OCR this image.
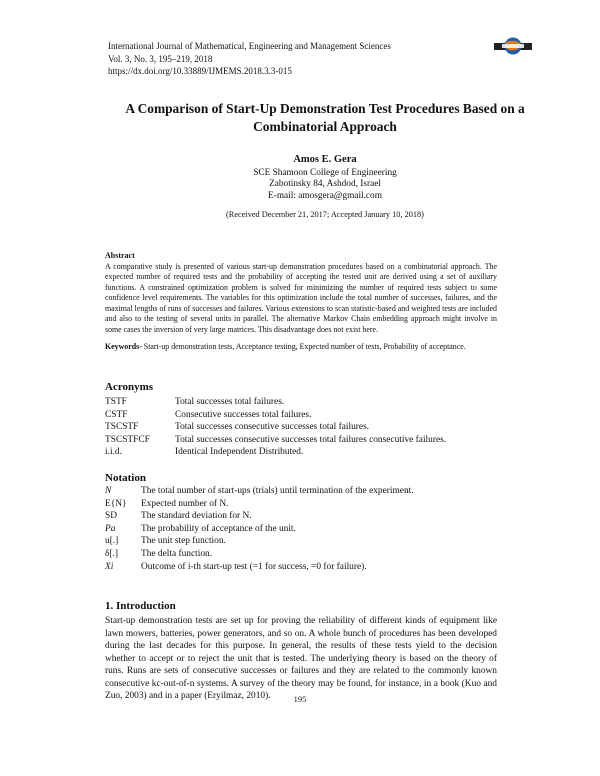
International Journal of Mathematical, Engineering and Management Sciences
Vol. 3, No. 3, 195–219, 2018
https://dx.doi.org/10.33889/IJMEMS.2018.3.3-015
A Comparison of Start-Up Demonstration Test Procedures Based on a Combinatorial Approach
Amos E. Gera
SCE Shamoon College of Engineering
Zabotinsky 84, Ashdod, Israel
E-mail: amosgera@gmail.com
(Received December 21, 2017; Accepted January 10, 2018)
Abstract

A comparative study is presented of various start-up demonstration procedures based on a combinatorial approach. The expected number of required tests and the probability of accepting the tested unit are derived using a set of auxiliary functions. A constrained optimization problem is solved for minimizing the number of required tests subject to some confidence level requirements. The variables for this optimization include the total number of successes, failures, and the maximal lengths of runs of successes and failures. Various extensions to scan statistic-based and weighted tests are included and also to the testing of several units in parallel. The alternative Markov Chain embedding approach might involve in some cases the inversion of very large matrices. This disadvantage does not exist here.

Keywords- Start-up demonstration tests, Acceptance testing, Expected number of tests, Probability of acceptance.
Acronyms
TSTF	Total successes total failures.
CSTF	Consecutive successes total failures.
TSCSTF	Total successes consecutive successes total failures.
TSCSTFCF	Total successes consecutive successes total failures consecutive failures.
i.i.d.	Identical Independent Distributed.
Notation
N	The total number of start-ups (trials) until termination of the experiment.
E{N}	Expected number of N.
SD	The standard deviation for N.
Pa	The probability of acceptance of the unit.
u[.]	The unit step function.
δ[.]	The delta function.
Xi	Outcome of i-th start-up test (=1 for success, =0 for failure).
1. Introduction
Start-up demonstration tests are set up for proving the reliability of different kinds of equipment like lawn mowers, batteries, power generators, and so on. A whole bunch of procedures has been developed during the last decades for this purpose. In general, the results of these tests yield to the decision whether to accept or to reject the unit that is tested. The underlying theory is based on the theory of runs. Runs are sets of consecutive successes or failures and they are related to the commonly known consecutive kc-out-of-n systems. A survey of the theory may be found, for instance, in a book (Kuo and Zuo, 2003) and in a paper (Eryilmaz, 2010).	195
